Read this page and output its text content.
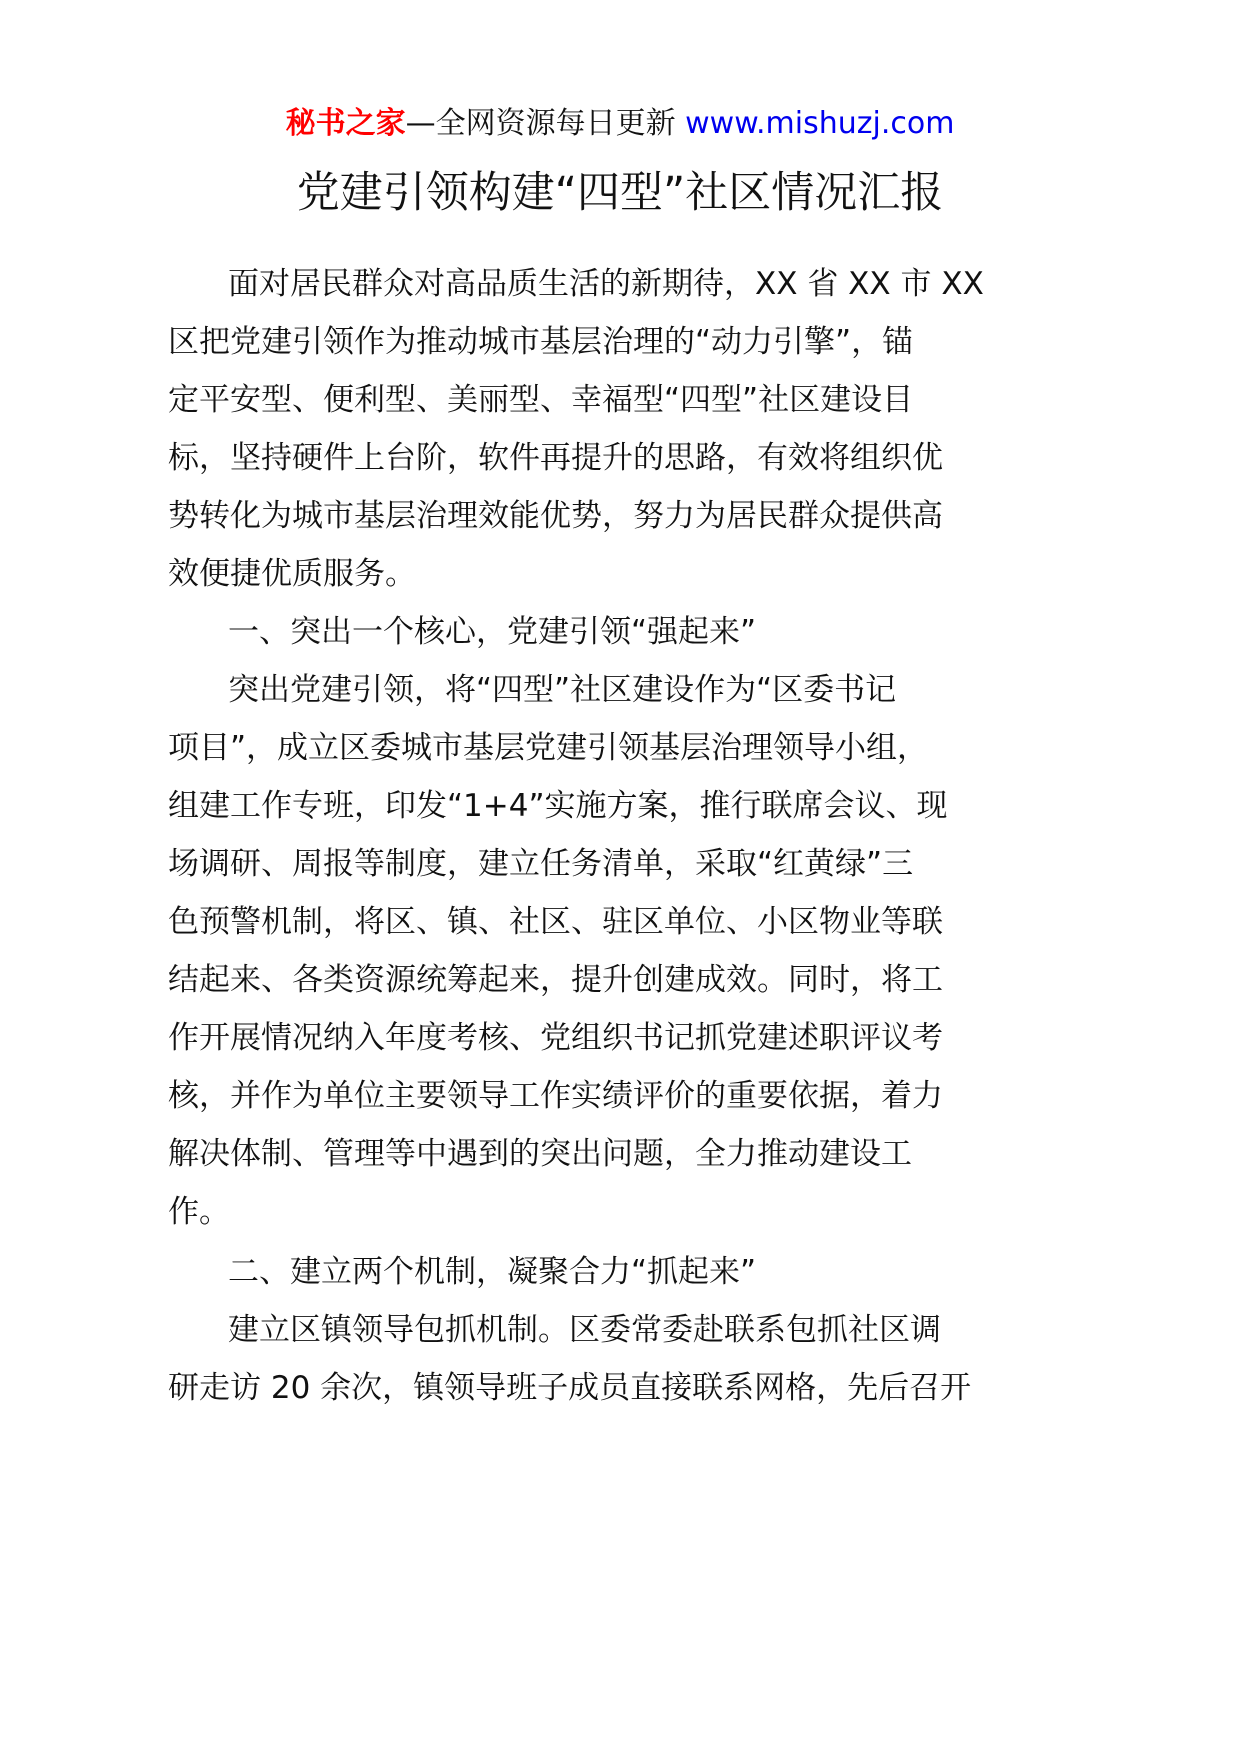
秘书之家—全网资源每日更新 www.mishuzj.com
党建引领构建“四型”社区情况汇报
面对居民群众对高品质生活的新期待，XX 省 XX 市 XX
区把党建引领作为推动城市基层治理的“动力引擎”，锚
定平安型、便利型、美丽型、幸福型“四型”社区建设目
标，坚持硬件上台阶，软件再提升的思路，有效将组织优
势转化为城市基层治理效能优势，努力为居民群众提供高
效便捷优质服务。
一、突出一个核心，党建引领“强起来”
突出党建引领，将“四型”社区建设作为“区委书记
项目”，成立区委城市基层党建引领基层治理领导小组，
组建工作专班，印发“1+4”实施方案，推行联席会议、现
场调研、周报等制度，建立任务清单，采取“红黄绿”三
色预警机制，将区、镇、社区、驻区单位、小区物业等联
结起来、各类资源统筹起来，提升创建成效。同时，将工
作开展情况纳入年度考核、党组织书记抓党建述职评议考
核，并作为单位主要领导工作实绩评价的重要依据，着力
解决体制、管理等中遇到的突出问题，全力推动建设工
作。
二、建立两个机制，凝聚合力“抓起来”
建立区镇领导包抓机制。区委常委赴联系包抓社区调
研走访 20 余次，镇领导班子成员直接联系网格，先后召开
